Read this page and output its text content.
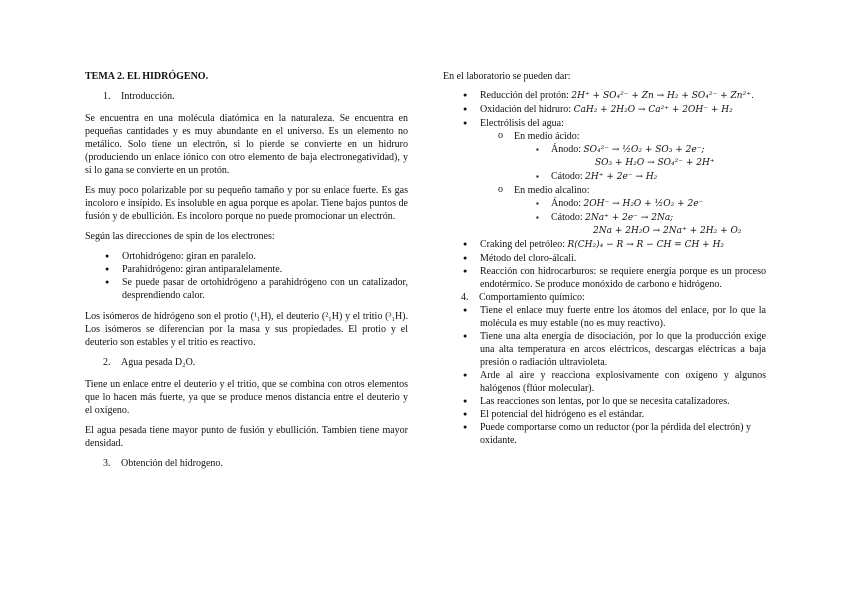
TEMA 2. EL HIDRÓGENO.

1. Introducción.

Se encuentra en una molécula diatómica en la naturaleza. Se encuentra en pequeñas cantidades y es muy abundante en el universo. Es un elemento no metálico. Solo tiene un electrón, si lo pierde se convierte en un hidruro (produciendo un enlace iónico con otro elemento de baja electronegatividad), y si lo gana se convierte en un protón.

Es muy poco polarizable por su pequeño tamaño y por su enlace fuerte. Es gas incoloro e insípido. Es insoluble en agua porque es apolar. Tiene bajos puntos de fusión y de ebullición. Es incoloro porque no puede promocionar un electrón.

Según las direcciones de spin de los electrones:

● Ortohidrógeno: giran en paralelo.
● Parahidrógeno: giran antiparalelamente.
● Se puede pasar de ortohidrógeno a parahidrógeno con un catalizador, desprendiendo calor.

Los isómeros de hidrógeno son el protio (¹₁H), el deuterio (²₁H) y el tritio (³₁H). Los isómeros se diferencian por la masa y sus propiedades. El protio y el deuterio son estables y el tritio es reactivo.

2. Agua pesada D₂O.

Tiene un enlace entre el deuterio y el tritio, que se combina con otros elementos que lo hacen más fuerte, ya que se produce menos distancia entre el deuterio y el oxígeno.

El agua pesada tiene mayor punto de fusión y ebullición. Tambien tiene mayor densidad.

3. Obtención del hidrogeno.

En el laboratorio se pueden dar:

● Reducción del protón: 2H⁺ + SO₄²⁻ + Zn → H₂ + SO₄²⁻ + Zn²⁺.
● Oxidación del hidruro: CaH₂ + 2H₂O → Ca²⁺ + 2OH⁻ + H₂
● Electrólisis del agua:
o En medio ácido:
▪ Ánodo: SO₄²⁻ → ½O₂ + SO₃ + 2e⁻;
SO₃ + H₂O → SO₄²⁻ + 2H⁺
▪ Cátodo: 2H⁺ + 2e⁻ → H₂
o En medio alcalino:
▪ Ánodo: 2OH⁻ → H₂O + ½O₂ + 2e⁻
▪ Cátodo: 2Na⁺ + 2e⁻ → 2Na;
2Na + 2H₂O → 2Na⁺ + 2H₂ + O₂
● Craking del petróleo: R(CH₂)₄ − R → R − CH = CH + H₂
● Método del cloro-álcali.
● Reacción con hidrocarburos: se requiere energía porque es un proceso endotérmico. Se produce monóxido de carbono e hidrógeno.

4. Comportamiento químico:

● Tiene el enlace muy fuerte entre los átomos del enlace, por lo que la molécula es muy estable (no es muy reactivo).
● Tiene una alta energía de disociación, por lo que la producción exige una alta temperatura en arcos eléctricos, descargas eléctricas a baja presión o radiación ultravioleta.
● Arde al aire y reacciona explosivamente con oxígeno y algunos halógenos (flúor molecular).
● Las reacciones son lentas, por lo que se necesita catalizadores.
● El potencial del hidrógeno es el estándar.
● Puede comportarse como un reductor (por la pérdida del electrón) y oxidante.
